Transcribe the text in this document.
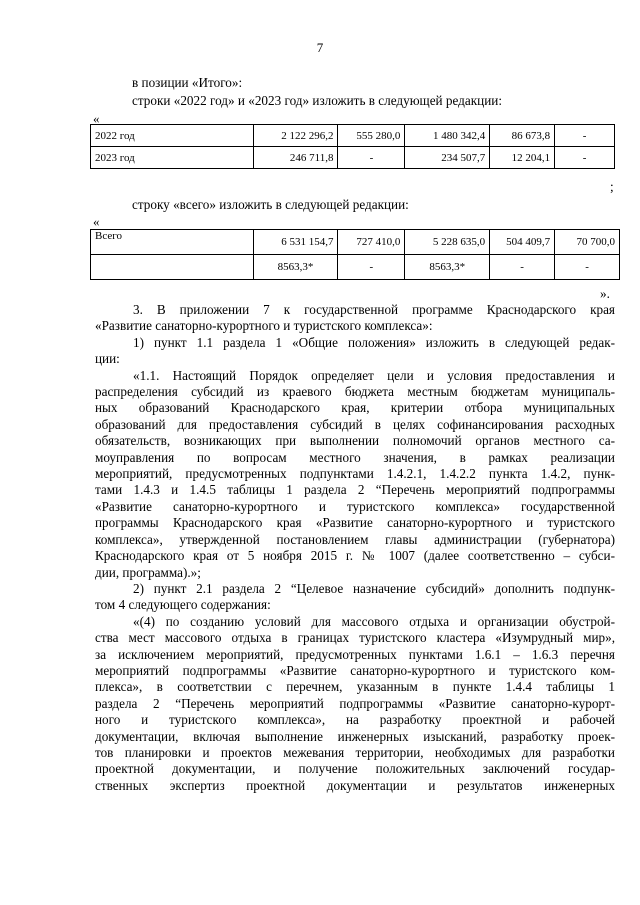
7
в позиции «Итого»:
строки «2022 год» и «2023 год» изложить в следующей редакции:
«
2022 год	2 122 296,2	555 280,0	1 480 342,4	86 673,8	-
2023 год	246 711,8	-	234 507,7	12 204,1	-
;
строку «всего» изложить в следующей редакции:
«
Всего	6 531 154,7	727 410,0	5 228 635,0	504 409,7	70 700,0
	8563,3*	-	8563,3*	-	-
».
3. В приложении 7 к государственной программе Краснодарского края
«Развитие санаторно-курортного и туристского комплекса»:
1) пункт 1.1 раздела 1 «Общие положения» изложить в следующей редак-
ции:
«1.1. Настоящий Порядок определяет цели и условия предоставления и
распределения субсидий из краевого бюджета местным бюджетам муниципаль-
ных образований Краснодарского края, критерии отбора муниципальных
образований для предоставления субсидий в целях софинансирования расходных
обязательств, возникающих при выполнении полномочий органов местного са-
моуправления по вопросам местного значения, в рамках реализации
мероприятий, предусмотренных подпунктами 1.4.2.1, 1.4.2.2 пункта 1.4.2, пунк-
тами 1.4.3 и 1.4.5 таблицы 1 раздела 2 “Перечень мероприятий подпрограммы
«Развитие санаторно-курортного и туристского комплекса» государственной
программы Краснодарского края «Развитие санаторно-курортного и туристского
комплекса», утвержденной постановлением главы администрации (губернатора)
Краснодарского края от 5 ноября 2015 г. № 1007 (далее соответственно – субси-
дии, программа).»;
2) пункт 2.1 раздела 2 “Целевое назначение субсидий» дополнить подпунк-
том 4 следующего содержания:
«(4) по созданию условий для массового отдыха и организации обустрой-
ства мест массового отдыха в границах туристского кластера «Изумрудный мир»,
за исключением мероприятий, предусмотренных пунктами 1.6.1 – 1.6.3 перечня
мероприятий подпрограммы «Развитие санаторно-курортного и туристского ком-
плекса», в соответствии с перечнем, указанным в пункте 1.4.4 таблицы 1
раздела 2 “Перечень мероприятий подпрограммы «Развитие санаторно-курорт-
ного и туристского комплекса», на разработку проектной и рабочей
документации, включая выполнение инженерных изысканий, разработку проек-
тов планировки и проектов межевания территории, необходимых для разработки
проектной документации, и получение положительных заключений государ-
ственных экспертиз проектной документации и результатов инженерных
